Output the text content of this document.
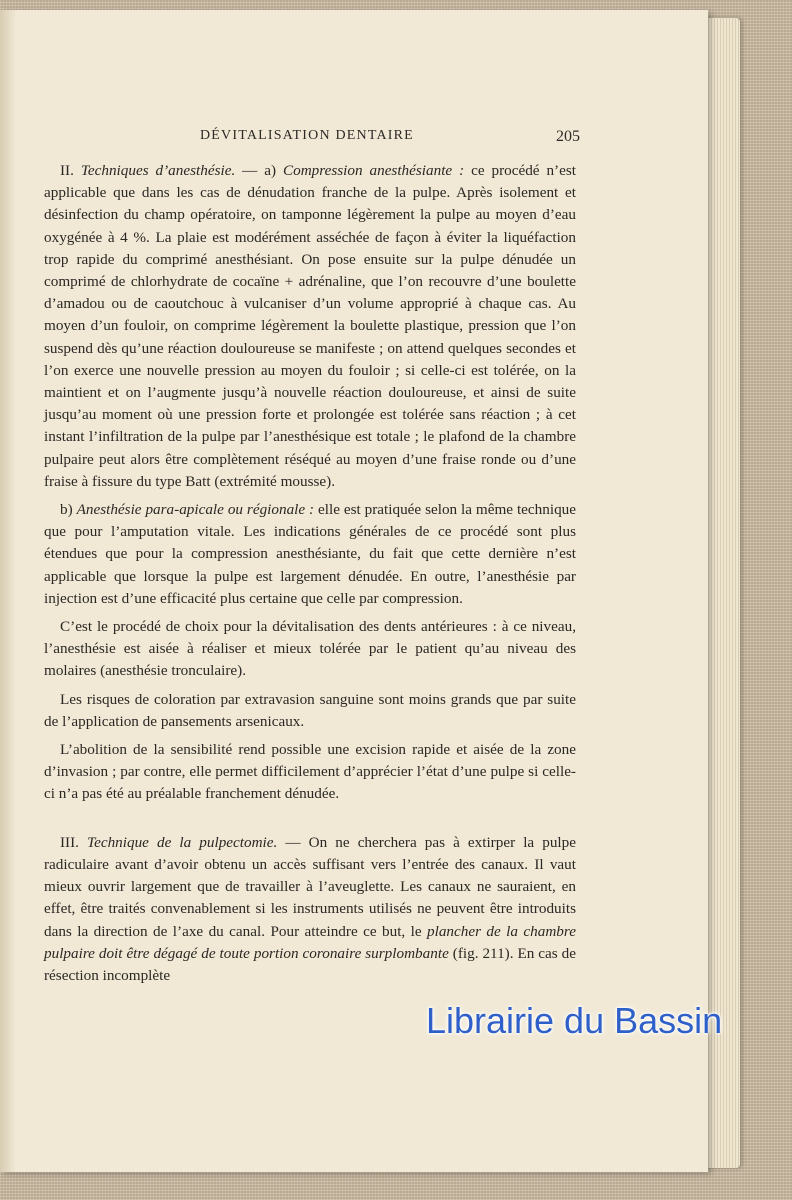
DÉVITALISATION DENTAIRE	205

II. Techniques d’anesthésie. — a) Compression anesthésiante : ce procédé n’est applicable que dans les cas de dénudation franche de la pulpe. Après isolement et désinfection du champ opératoire, on tamponne légèrement la pulpe au moyen d’eau oxygénée à 4 %. La plaie est modérément asséchée de façon à éviter la liquéfaction trop rapide du comprimé anesthésiant. On pose ensuite sur la pulpe dénudée un comprimé de chlorhydrate de cocaïne + adrénaline, que l’on recouvre d’une boulette d’amadou ou de caoutchouc à vulcaniser d’un volume approprié à chaque cas. Au moyen d’un fouloir, on comprime légèrement la boulette plastique, pression que l’on suspend dès qu’une réaction douloureuse se manifeste ; on attend quelques secondes et l’on exerce une nouvelle pression au moyen du fouloir ; si celle-ci est tolérée, on la maintient et on l’augmente jusqu’à nouvelle réaction douloureuse, et ainsi de suite jusqu’au moment où une pression forte et prolongée est tolérée sans réaction ; à cet instant l’infiltration de la pulpe par l’anesthésique est totale ; le plafond de la chambre pulpaire peut alors être complètement réséqué au moyen d’une fraise ronde ou d’une fraise à fissure du type Batt (extrémité mousse).

b) Anesthésie para-apicale ou régionale : elle est pratiquée selon la même technique que pour l’amputation vitale. Les indications générales de ce procédé sont plus étendues que pour la compression anesthésiante, du fait que cette dernière n’est applicable que lorsque la pulpe est largement dénudée. En outre, l’anesthésie par injection est d’une efficacité plus certaine que celle par compression.

C’est le procédé de choix pour la dévitalisation des dents antérieures : à ce niveau, l’anesthésie est aisée à réaliser et mieux tolérée par le patient qu’au niveau des molaires (anesthésie tronculaire).

Les risques de coloration par extravasion sanguine sont moins grands que par suite de l’application de pansements arsenicaux.

L’abolition de la sensibilité rend possible une excision rapide et aisée de la zone d’invasion ; par contre, elle permet difficilement d’apprécier l’état d’une pulpe si celle-ci n’a pas été au préalable franchement dénudée.

III. Technique de la pulpectomie. — On ne cherchera pas à extirper la pulpe radiculaire avant d’avoir obtenu un accès suffisant vers l’entrée des canaux. Il vaut mieux ouvrir largement que de travailler à l’aveuglette. Les canaux ne sauraient, en effet, être traités convenablement si les instruments utilisés ne peuvent être introduits dans la direction de l’axe du canal. Pour atteindre ce but, le plancher de la chambre pulpaire doit être dégagé de toute portion coronaire surplombante (fig. 211). En cas de résection incomplète

Librairie du Bassin
